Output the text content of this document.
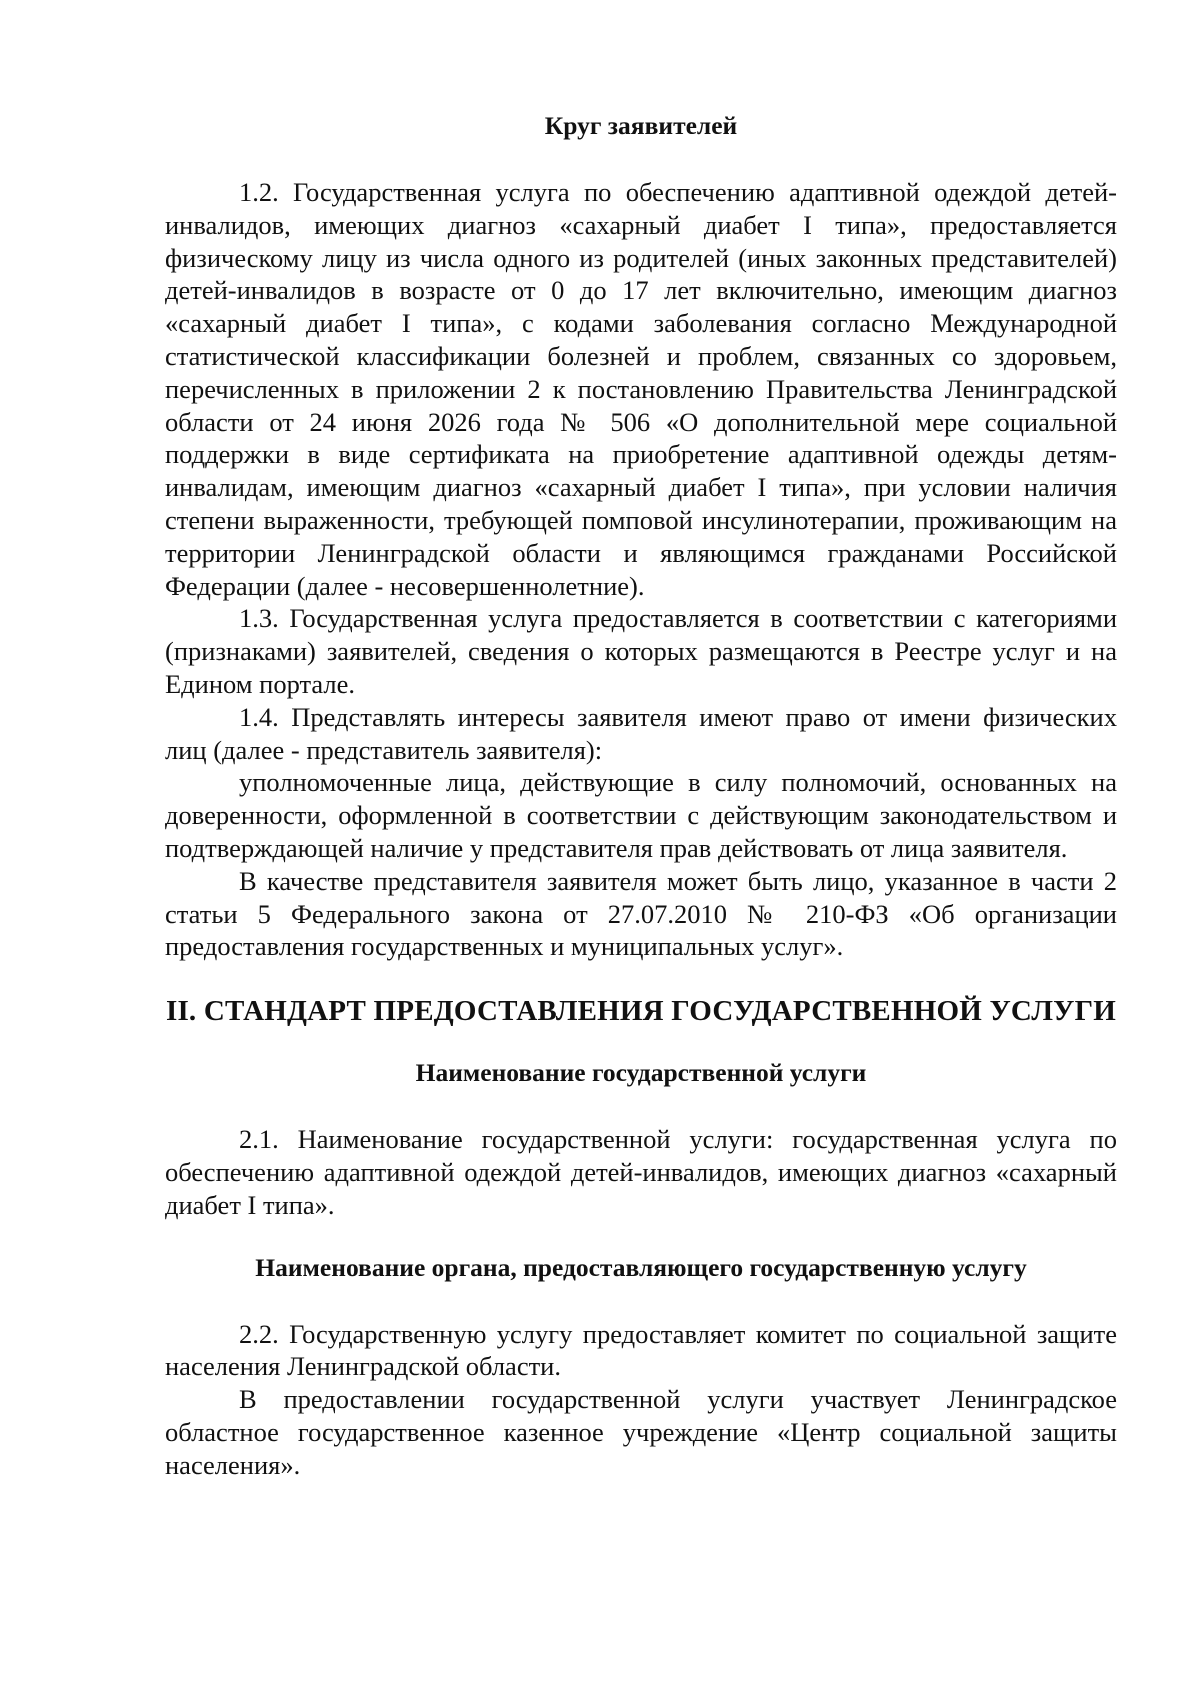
Круг заявителей

1.2. Государственная услуга по обеспечению адаптивной одеждой детей-инвалидов, имеющих диагноз «сахарный диабет I типа», предоставляется физическому лицу из числа одного из родителей (иных законных представителей) детей-инвалидов в возрасте от 0 до 17 лет включительно, имеющим диагноз «сахарный диабет I типа», с кодами заболевания согласно Международной статистической классификации болезней и проблем, связанных со здоровьем, перечисленных в приложении 2 к постановлению Правительства Ленинградской области от 24 июня 2026 года № 506 «О дополнительной мере социальной поддержки в виде сертификата на приобретение адаптивной одежды детям-инвалидам, имеющим диагноз «сахарный диабет I типа», при условии наличия степени выраженности, требующей помповой инсулинотерапии, проживающим на территории Ленинградской области и являющимся гражданами Российской Федерации (далее - несовершеннолетние).

1.3. Государственная услуга предоставляется в соответствии с категориями (признаками) заявителей, сведения о которых размещаются в Реестре услуг и на Едином портале.

1.4. Представлять интересы заявителя имеют право от имени физических лиц (далее - представитель заявителя):

уполномоченные лица, действующие в силу полномочий, основанных на доверенности, оформленной в соответствии с действующим законодательством и подтверждающей наличие у представителя прав действовать от лица заявителя.

В качестве представителя заявителя может быть лицо, указанное в части 2 статьи 5 Федерального закона от 27.07.2010 № 210-ФЗ «Об организации предоставления государственных и муниципальных услуг».

II. СТАНДАРТ ПРЕДОСТАВЛЕНИЯ ГОСУДАРСТВЕННОЙ УСЛУГИ
Наименование государственной услуги

2.1. Наименование государственной услуги: государственная услуга по обеспечению адаптивной одеждой детей-инвалидов, имеющих диагноз «сахарный диабет I типа».

Наименование органа, предоставляющего государственную услугу

2.2. Государственную услугу предоставляет комитет по социальной защите населения Ленинградской области.

В предоставлении государственной услуги участвует Ленинградское областное государственное казенное учреждение «Центр социальной защиты населения».
